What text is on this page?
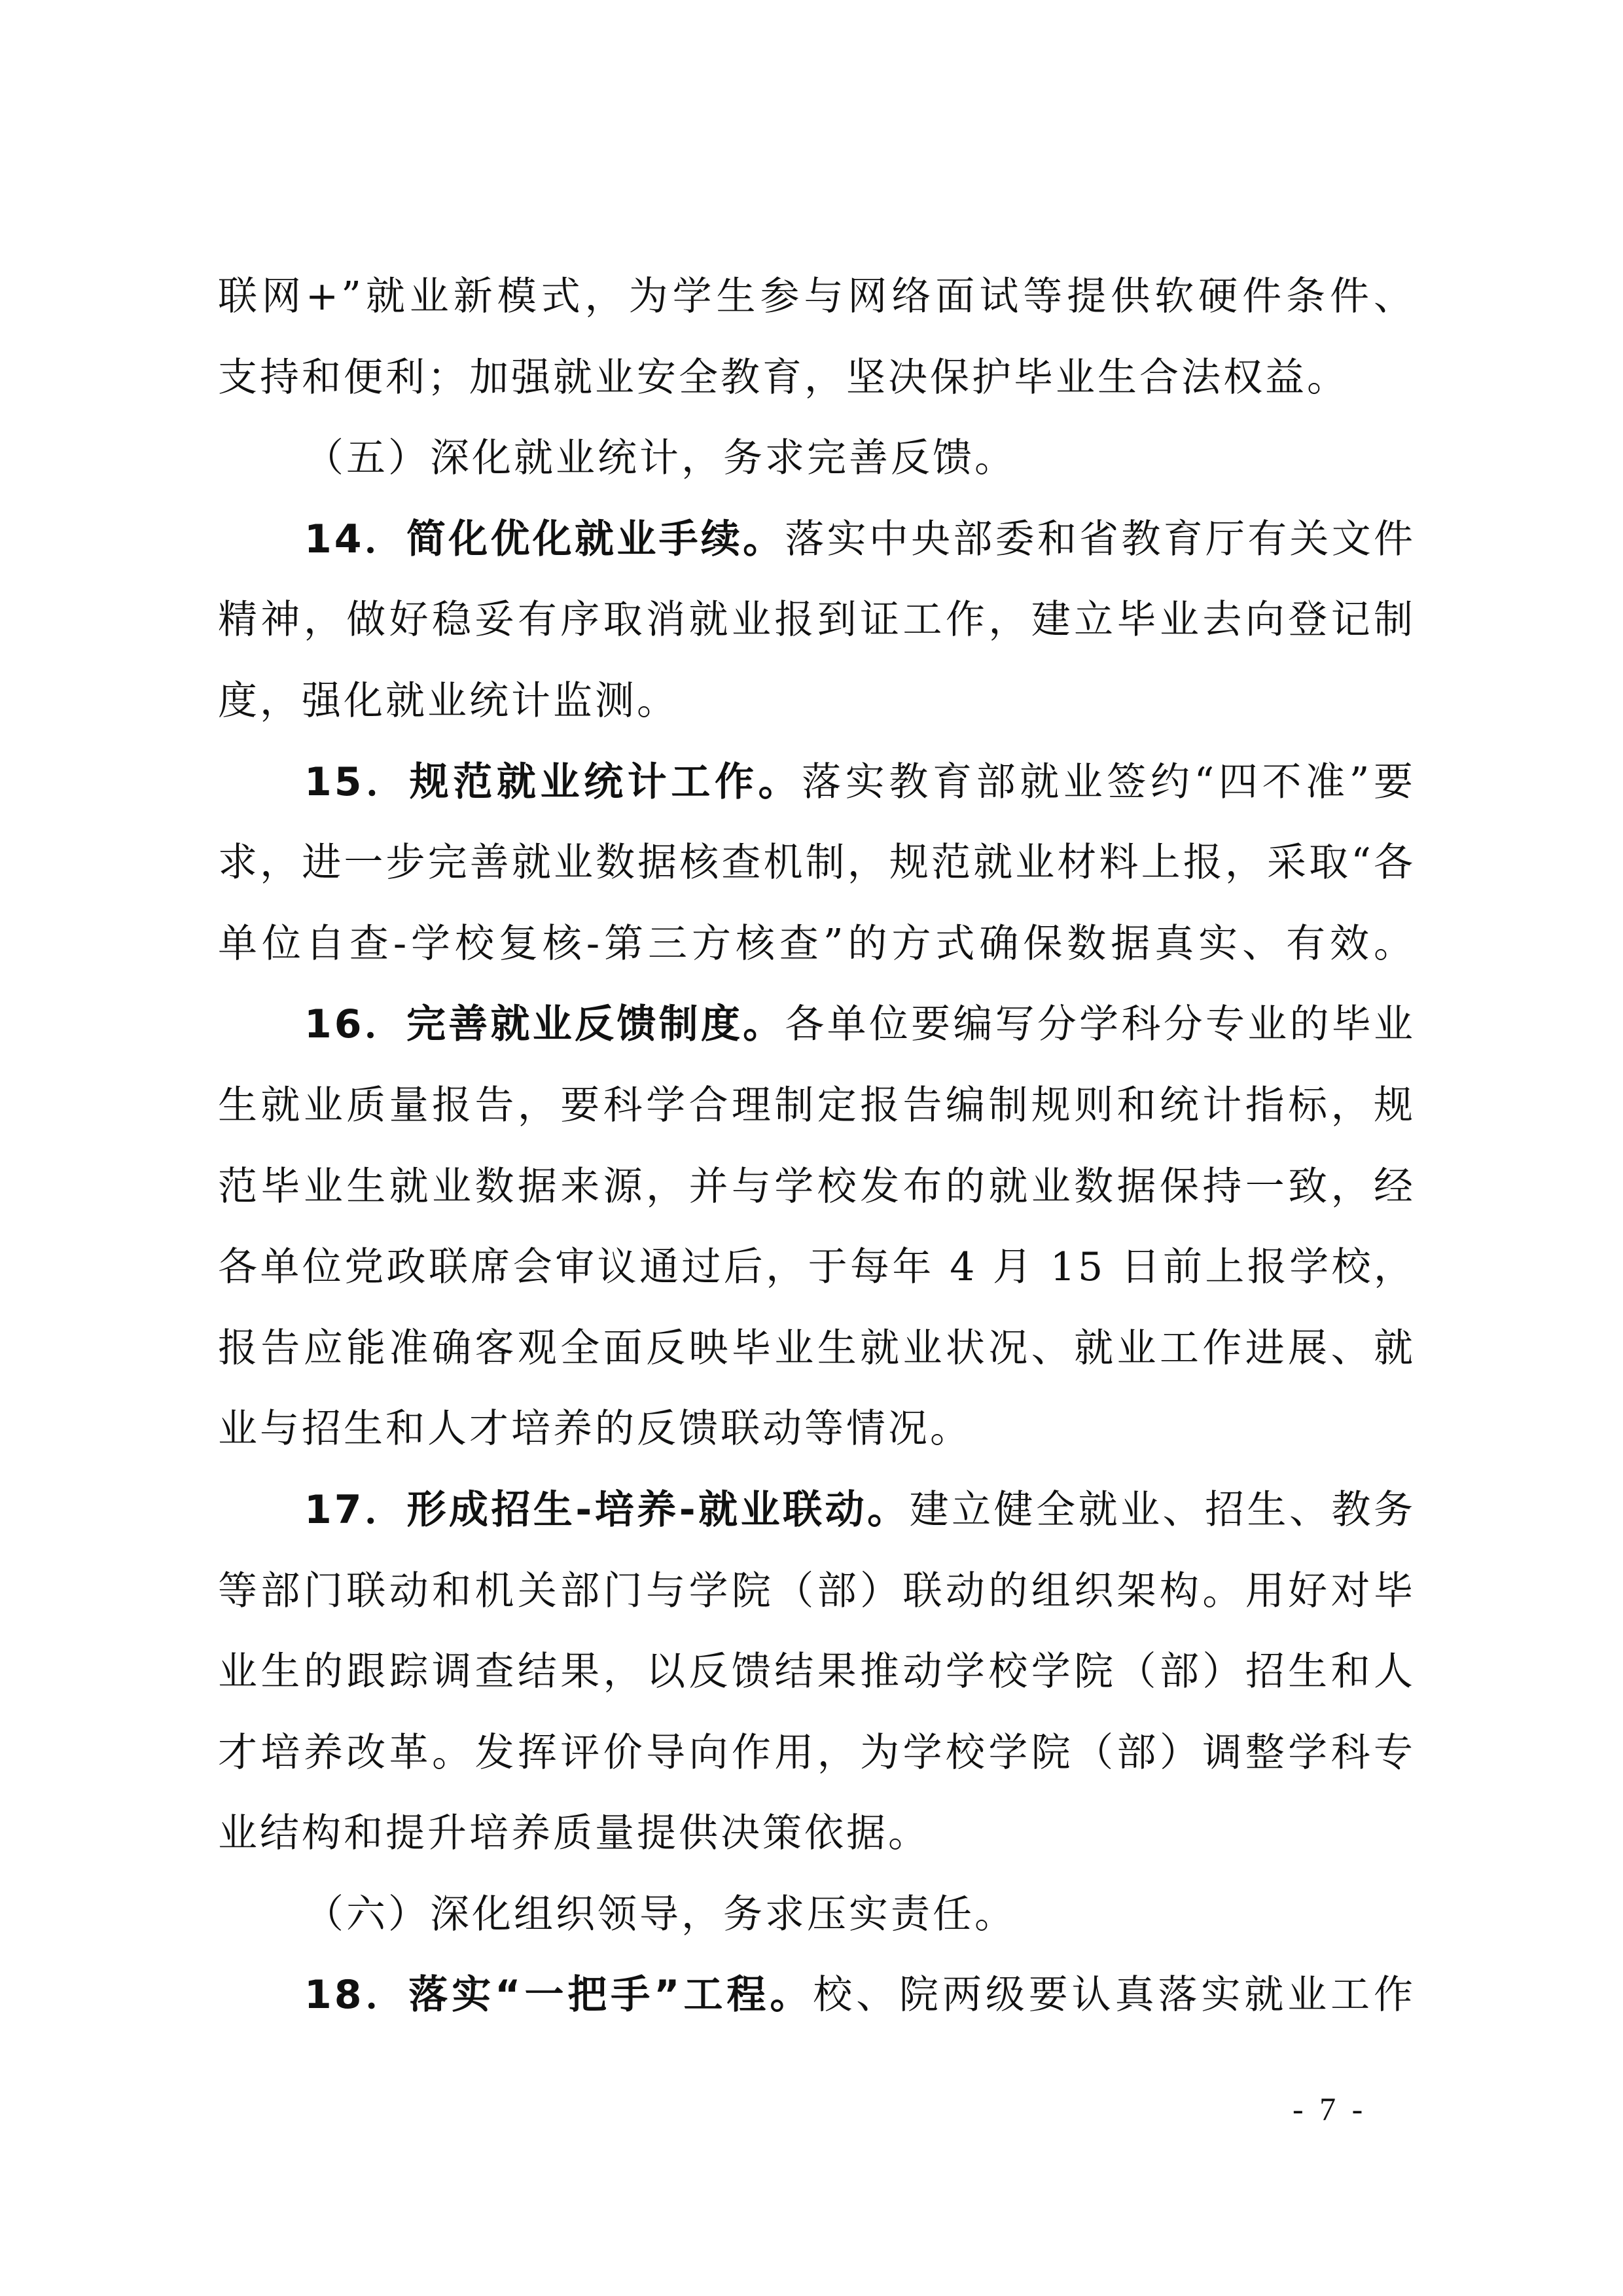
联网+”就业新模式，为学生参与网络面试等提供软硬件条件、
支持和便利；加强就业安全教育，坚决保护毕业生合法权益。
（五）深化就业统计，务求完善反馈。
14．简化优化就业手续。落实中央部委和省教育厅有关文件
精神，做好稳妥有序取消就业报到证工作，建立毕业去向登记制
度，强化就业统计监测。
15．规范就业统计工作。落实教育部就业签约“四不准”要
求，进一步完善就业数据核查机制，规范就业材料上报，采取“各
单位自查-学校复核-第三方核查”的方式确保数据真实、有效。
16．完善就业反馈制度。各单位要编写分学科分专业的毕业
生就业质量报告，要科学合理制定报告编制规则和统计指标，规
范毕业生就业数据来源，并与学校发布的就业数据保持一致，经
各单位党政联席会审议通过后，于每年 4 月 15 日前上报学校，
报告应能准确客观全面反映毕业生就业状况、就业工作进展、就
业与招生和人才培养的反馈联动等情况。
17．形成招生-培养-就业联动。建立健全就业、招生、教务
等部门联动和机关部门与学院（部）联动的组织架构。用好对毕
业生的跟踪调查结果，以反馈结果推动学校学院（部）招生和人
才培养改革。发挥评价导向作用，为学校学院（部）调整学科专
业结构和提升培养质量提供决策依据。
（六）深化组织领导，务求压实责任。
18．落实“一把手”工程。校、院两级要认真落实就业工作
- 7 -
